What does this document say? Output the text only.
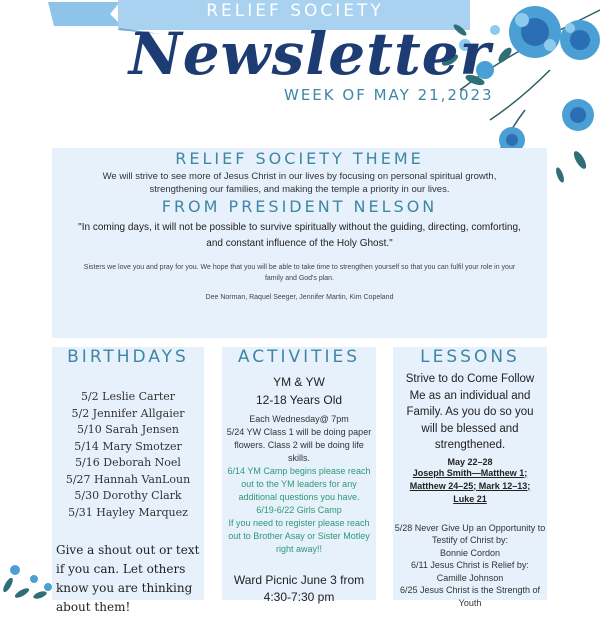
RELIEF SOCIETY
Newsletter
WEEK OF MAY 21,2023
RELIEF SOCIETY THEME
We will strive to see more of Jesus Christ in our lives by focusing on personal spiritual growth, strengthening our families, and making the temple a priority in our lives.
FROM PRESIDENT NELSON
"In coming days, it will not be possible to survive spiritually without the guiding, directing, comforting, and constant influence of the Holy Ghost."
Sisters we love you and pray for you. We hope that you will be able to take time to strengthen yourself so that you can fulfil your role in your family and God's plan.
Dee Norman, Raquel Seeger, Jennifer Martin, Kim Copeland
BIRTHDAYS
5/2 Leslie Carter
5/2 Jennifer Allgaier
5/10 Sarah Jensen
5/14 Mary Smotzer
5/16 Deborah Noel
5/27 Hannah VanLoun
5/30 Dorothy Clark
5/31 Hayley Marquez
Give a shout out or text if you can. Let others know you are thinking about them!
ACTIVITIES
YM & YW
12-18 Years Old
Each Wednesday@ 7pm
5/24 YW Class 1 will be doing paper flowers. Class 2 will be doing life skills.
6/14 YM Camp begins please reach out to the YM leaders for any additional questions you have.
6/19-6/22 Girls Camp
If you need to register please reach out to Brother Asay or Sister Motley right away!!
Ward Picnic June 3 from 4:30-7:30 pm
LESSONS
Strive to do Come Follow Me as an individual and Family. As you do so you will be blessed and strengthened.
May 22–28
Joseph Smith—Matthew 1; Matthew 24–25; Mark 12–13; Luke 21
5/28 Never Give Up an Opportunity to Testify of Christ by:
Bonnie Cordon
6/11 Jesus Christ is Relief by:
Camille Johnson
6/25 Jesus Christ is the Strength of Youth
